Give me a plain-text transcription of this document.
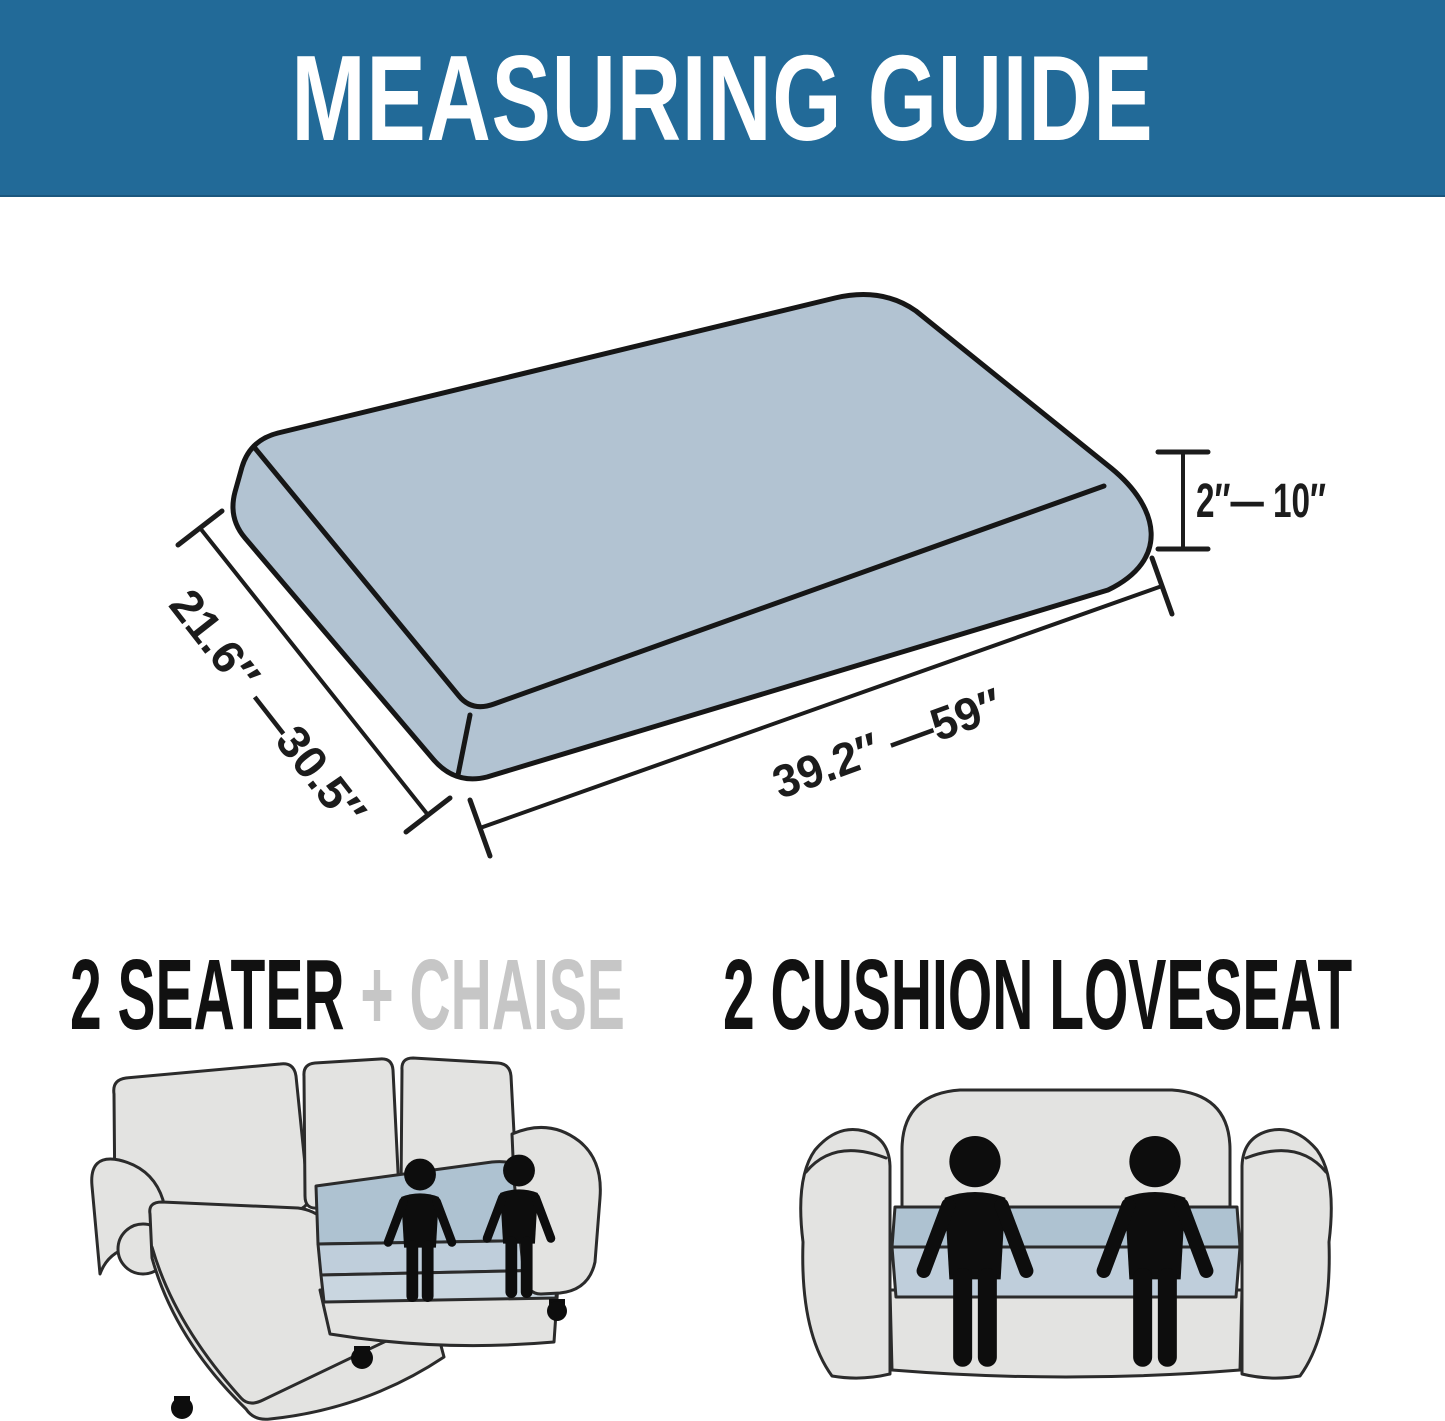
MEASURING GUIDE
21.6″ —30.5″	39.2″ —59″
2″— 10″
2 SEATER + CHAISE 2 CUSHION LOVESEAT
